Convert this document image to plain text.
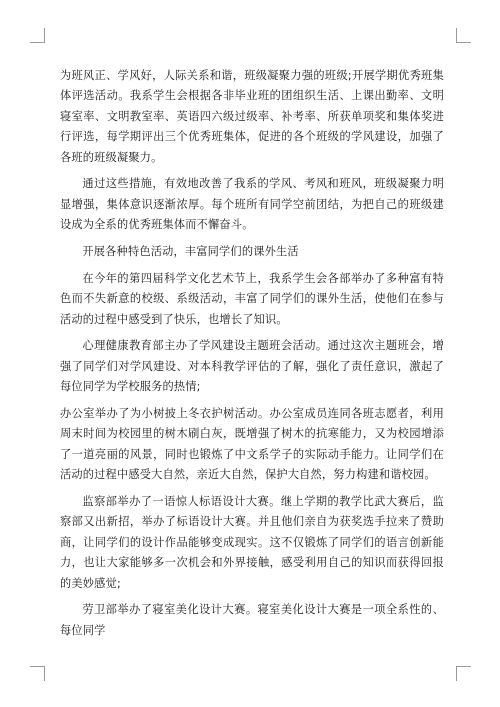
为班风正、学风好，人际关系和谐，班级凝聚力强的班级;开展学期优秀班集体评选活动。我系学生会根据各非毕业班的团组织生活、上课出勤率、文明寝室率、文明教室率、英语四六级过级率、补考率、所获单项奖和集体奖进行评选，每学期评出三个优秀班集体，促进的各个班级的学风建设，加强了各班的班级凝聚力。

通过这些措施，有效地改善了我系的学风、考风和班风，班级凝聚力明显增强，集体意识逐渐浓厚。每个班所有同学空前团结，为把自己的班级建设成为全系的优秀班集体而不懈奋斗。

开展各种特色活动，丰富同学们的课外生活

在今年的第四届科学文化艺术节上，我系学生会各部举办了多种富有特色而不失新意的校级、系级活动，丰富了同学们的课外生活，使他们在参与活动的过程中感受到了快乐，也增长了知识。

心理健康教育部主办了学风建设主题班会活动。通过这次主题班会，增强了同学们对学风建设、对本科教学评估的了解，强化了责任意识，激起了每位同学为学校服务的热情;

办公室举办了为小树披上冬衣护树活动。办公室成员连同各班志愿者，利用周末时间为校园里的树木刷白灰，既增强了树木的抗寒能力，又为校园增添了一道亮丽的风景，同时也锻炼了中文系学子的实际动手能力。让同学们在活动的过程中感受大自然，亲近大自然，保护大自然，努力构建和谐校园。

监察部举办了一语惊人标语设计大赛。继上学期的教学比武大赛后，监察部又出新招，举办了标语设计大赛。并且他们亲自为获奖选手拉来了赞助商，让同学们的设计作品能够变成现实。这不仅锻炼了同学们的语言创新能力，也让大家能够多一次机会和外界接触，感受利用自己的知识而获得回报的美妙感觉;

劳卫部举办了寝室美化设计大赛。寝室美化设计大赛是一项全系性的、每位同学
